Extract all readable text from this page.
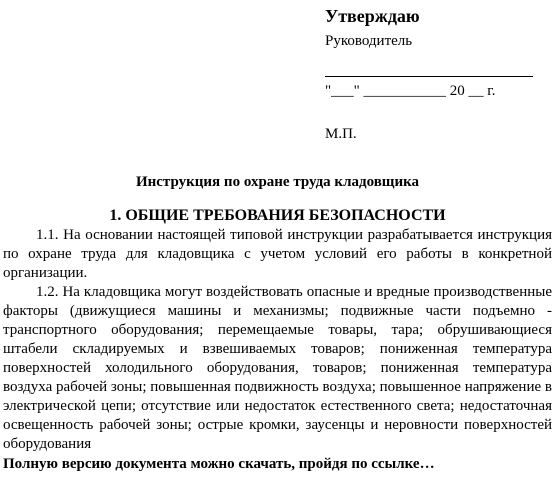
Утверждаю
Руководитель
"___" ___________ 20 __ г.
М.П.
Инструкция по охране труда кладовщика
1. ОБЩИЕ ТРЕБОВАНИЯ БЕЗОПАСНОСТИ

1.1. На основании настоящей типовой инструкции разрабатывается инструкция по охране труда для кладовщика с учетом условий его работы в конкретной организации.

1.2. На кладовщика могут воздействовать опасные и вредные производственные факторы (движущиеся машины и механизмы; подвижные части подъемно - транспортного оборудования; перемещаемые товары, тара; обрушивающиеся штабели складируемых и взвешиваемых товаров; пониженная температура поверхностей холодильного оборудования, товаров; пониженная температура воздуха рабочей зоны; повышенная подвижность воздуха; повышенное напряжение в электрической цепи; отсутствие или недостаток естественного света; недостаточная освещенность рабочей зоны; острые кромки, заусенцы и неровности поверхностей оборудования

Полную версию документа можно скачать, пройдя по ссылке…
